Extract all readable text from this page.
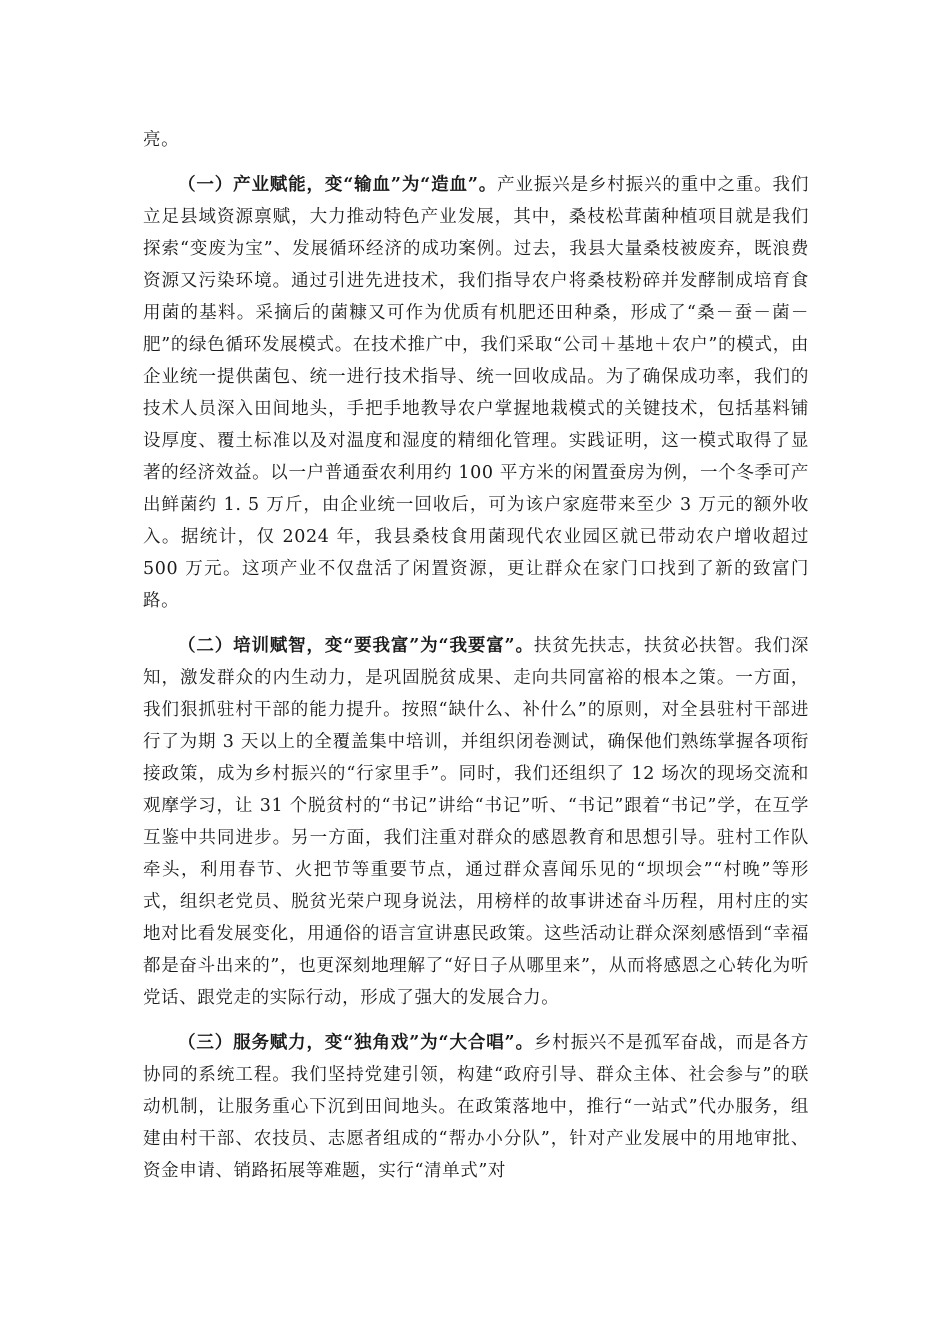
亮。

（一）产业赋能，变“输血”为“造血”。产业振兴是乡村振兴的重中之重。我们立足县域资源禀赋，大力推动特色产业发展，其中，桑枝松茸菌种植项目就是我们探索“变废为宝”、发展循环经济的成功案例。过去，我县大量桑枝被废弃，既浪费资源又污染环境。通过引进先进技术，我们指导农户将桑枝粉碎并发酵制成培育食用菌的基料。采摘后的菌糠又可作为优质有机肥还田种桑，形成了“桑－蚕－菌－肥”的绿色循环发展模式。在技术推广中，我们采取“公司＋基地＋农户”的模式，由企业统一提供菌包、统一进行技术指导、统一回收成品。为了确保成功率，我们的技术人员深入田间地头，手把手地教导农户掌握地栽模式的关键技术，包括基料铺设厚度、覆土标准以及对温度和湿度的精细化管理。实践证明，这一模式取得了显著的经济效益。以一户普通蚕农利用约 100 平方米的闲置蚕房为例，一个冬季可产出鲜菌约 1. 5 万斤，由企业统一回收后，可为该户家庭带来至少 3 万元的额外收入。据统计，仅 2024 年，我县桑枝食用菌现代农业园区就已带动农户增收超过 500 万元。这项产业不仅盘活了闲置资源，更让群众在家门口找到了新的致富门路。

（二）培训赋智，变“要我富”为“我要富”。扶贫先扶志，扶贫必扶智。我们深知，激发群众的内生动力，是巩固脱贫成果、走向共同富裕的根本之策。一方面，我们狠抓驻村干部的能力提升。按照“缺什么、补什么”的原则，对全县驻村干部进行了为期 3 天以上的全覆盖集中培训，并组织闭卷测试，确保他们熟练掌握各项衔接政策，成为乡村振兴的“行家里手”。同时，我们还组织了 12 场次的现场交流和观摩学习，让 31 个脱贫村的“书记”讲给“书记”听、“书记”跟着“书记”学，在互学互鉴中共同进步。另一方面，我们注重对群众的感恩教育和思想引导。驻村工作队牵头，利用春节、火把节等重要节点，通过群众喜闻乐见的“坝坝会”“村晚”等形式，组织老党员、脱贫光荣户现身说法，用榜样的故事讲述奋斗历程，用村庄的实地对比看发展变化，用通俗的语言宣讲惠民政策。这些活动让群众深刻感悟到“幸福都是奋斗出来的”，也更深刻地理解了“好日子从哪里来”，从而将感恩之心转化为听党话、跟党走的实际行动，形成了强大的发展合力。

（三）服务赋力，变“独角戏”为“大合唱”。乡村振兴不是孤军奋战，而是各方协同的系统工程。我们坚持党建引领，构建“政府引导、群众主体、社会参与”的联动机制，让服务重心下沉到田间地头。在政策落地中，推行“一站式”代办服务，组建由村干部、农技员、志愿者组成的“帮办小分队”，针对产业发展中的用地审批、资金申请、销路拓展等难题，实行“清单式”对
